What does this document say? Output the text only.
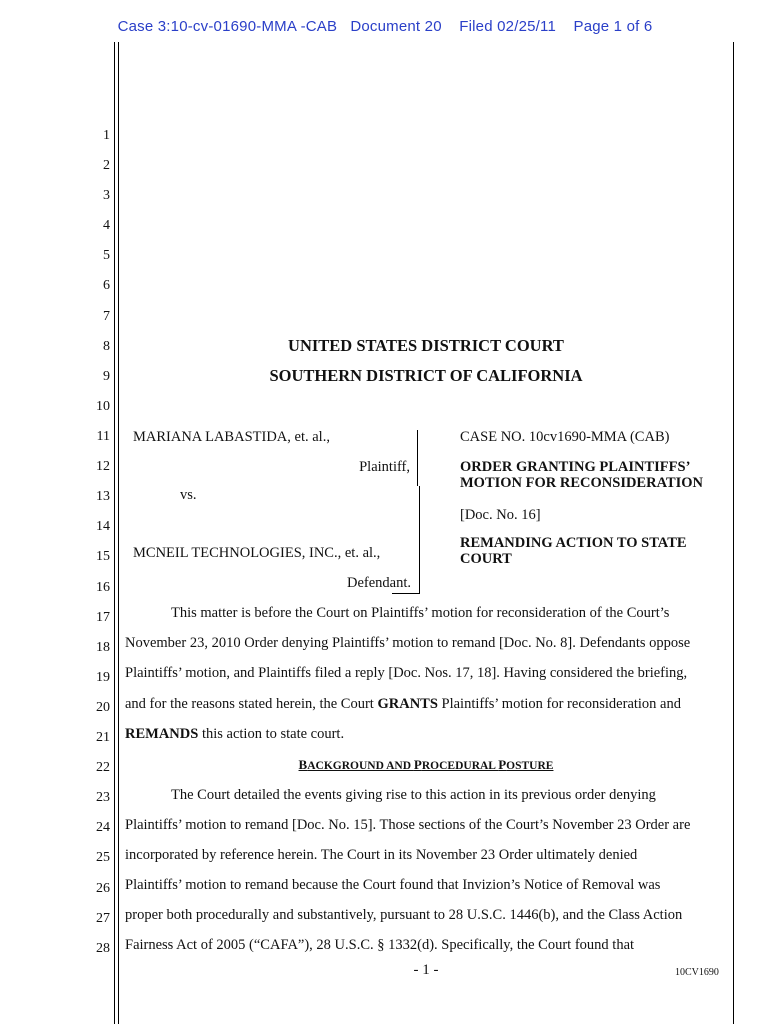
Case 3:10-cv-01690-MMA -CAB Document 20 Filed 02/25/11 Page 1 of 6
1
2
3
4
5
6
7
8
9
10
11
12
13
14
15
16
17
18
19
20
21
22
23
24
25
26
27
28
UNITED STATES DISTRICT COURT
SOUTHERN DISTRICT OF CALIFORNIA
MARIANA LABASTIDA, et. al.,
Plaintiff,
vs.
MCNEIL TECHNOLOGIES, INC., et. al.,
Defendant.
CASE NO. 10cv1690-MMA (CAB)
ORDER GRANTING PLAINTIFFS’
MOTION FOR RECONSIDERATION
[Doc. No. 16]
REMANDING ACTION TO STATE
COURT
This matter is before the Court on Plaintiffs’ motion for reconsideration of the Court’s
November 23, 2010 Order denying Plaintiffs’ motion to remand [Doc. No. 8]. Defendants oppose
Plaintiffs’ motion, and Plaintiffs filed a reply [Doc. Nos. 17, 18]. Having considered the briefing,
and for the reasons stated herein, the Court GRANTS Plaintiffs’ motion for reconsideration and
REMANDS this action to state court.
BACKGROUND AND PROCEDURAL POSTURE
The Court detailed the events giving rise to this action in its previous order denying
Plaintiffs’ motion to remand [Doc. No. 15]. Those sections of the Court’s November 23 Order are
incorporated by reference herein. The Court in its November 23 Order ultimately denied
Plaintiffs’ motion to remand because the Court found that Invizion’s Notice of Removal was
proper both procedurally and substantively, pursuant to 28 U.S.C. 1446(b), and the Class Action
Fairness Act of 2005 (“CAFA”), 28 U.S.C. § 1332(d). Specifically, the Court found that
- 1 -	10CV1690
